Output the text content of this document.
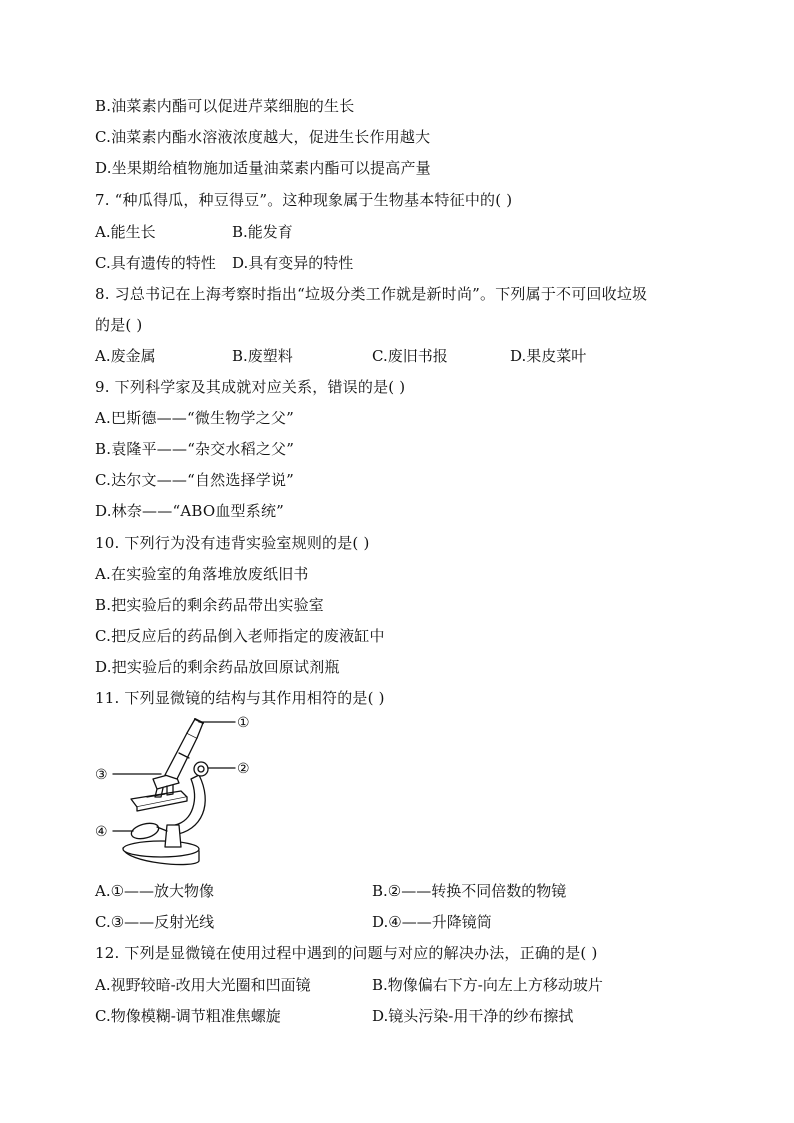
B.油菜素内酯可以促进芹菜细胞的生长
C.油菜素内酯水溶液浓度越大，促进生长作用越大
D.坐果期给植物施加适量油菜素内酯可以提高产量
7. “种瓜得瓜，种豆得豆”。这种现象属于生物基本特征中的( )
A.能生长	B.能发育
C.具有遗传的特性 D.具有变异的特性
8. 习总书记在上海考察时指出“垃圾分类工作就是新时尚”。下列属于不可回收垃圾
的是( )
A.废金属	B.废塑料	C.废旧书报	D.果皮菜叶
9. 下列科学家及其成就对应关系，错误的是( )
A.巴斯德——“微生物学之父”
B.袁隆平——“杂交水稻之父”
C.达尔文——“自然选择学说”
D.林奈——“ABO血型系统”
10. 下列行为没有违背实验室规则的是( )
A.在实验室的角落堆放废纸旧书
B.把实验后的剩余药品带出实验室
C.把反应后的药品倒入老师指定的废液缸中
D.把实验后的剩余药品放回原试剂瓶
11. 下列显微镜的结构与其作用相符的是( )
①
②
③
④
A.①——放大物像	B.②——转换不同倍数的物镜
C.③——反射光线	D.④——升降镜筒
12. 下列是显微镜在使用过程中遇到的问题与对应的解决办法，正确的是( )
A.视野较暗-改用大光圈和凹面镜	B.物像偏右下方-向左上方移动玻片
C.物像模糊-调节粗准焦螺旋	D.镜头污染-用干净的纱布擦拭
